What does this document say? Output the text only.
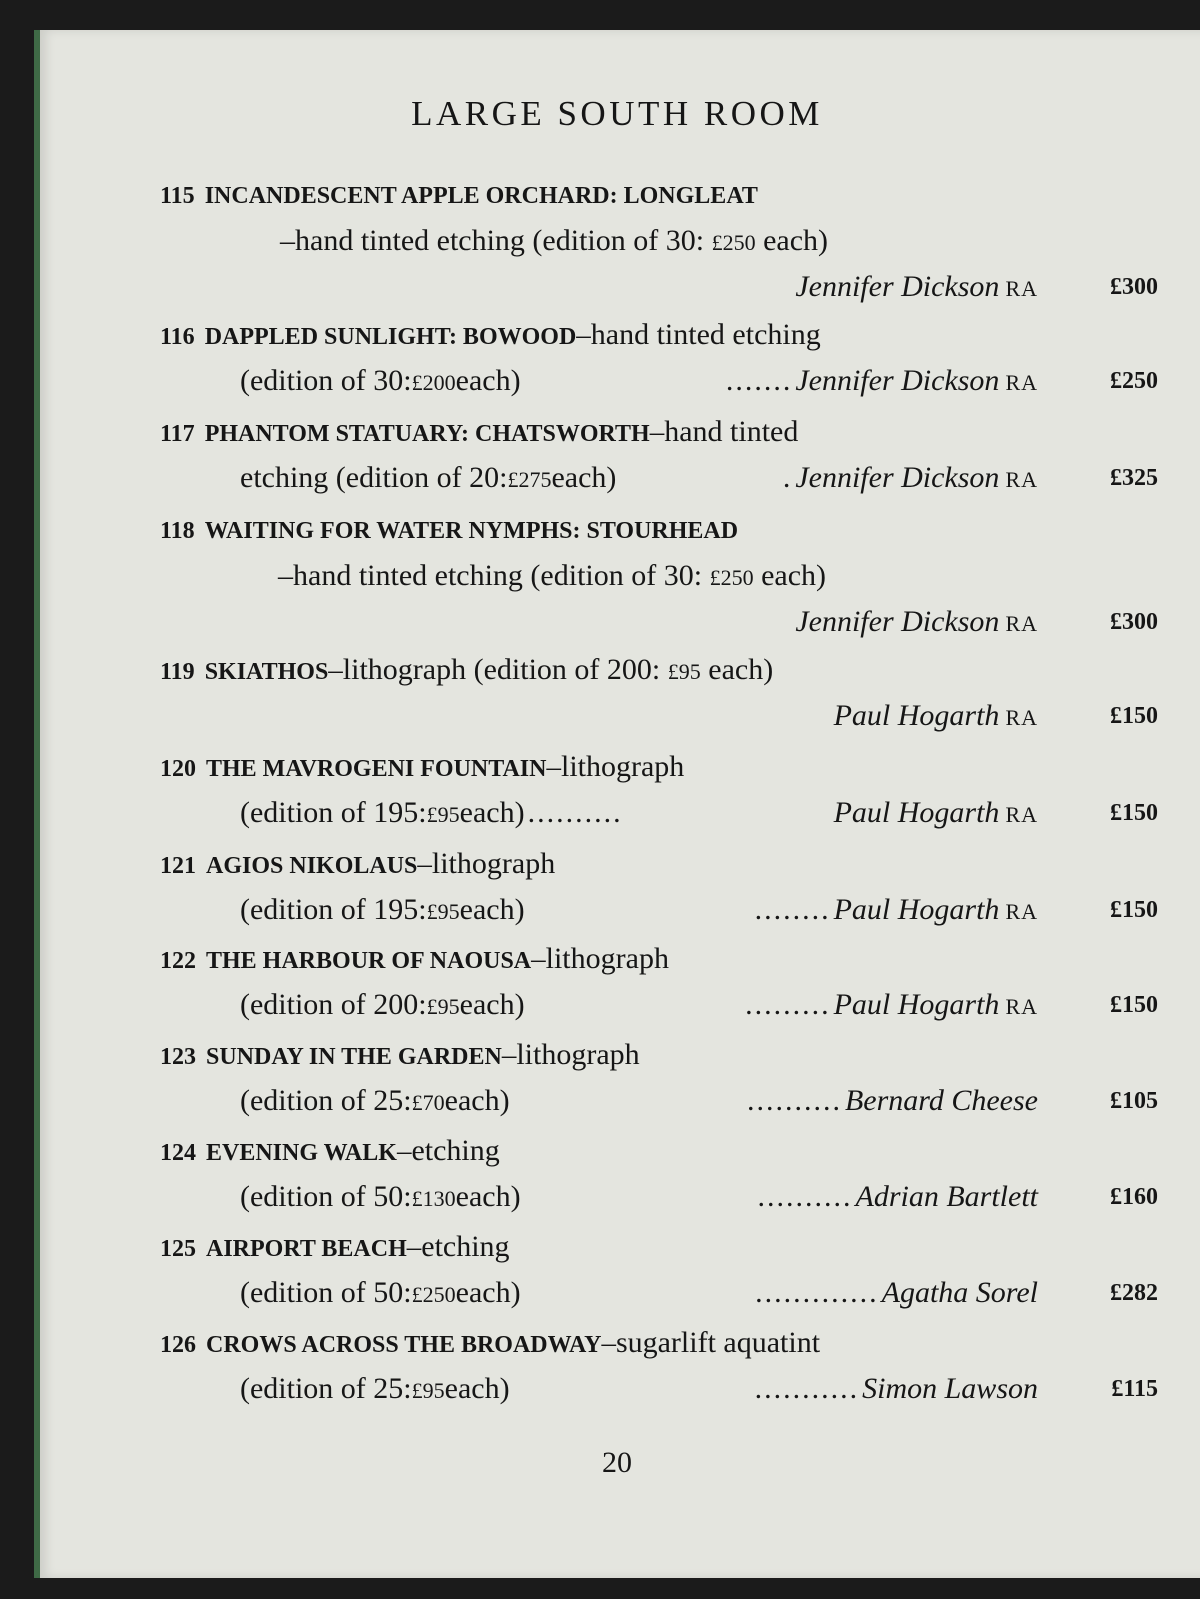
LARGE SOUTH ROOM
115 INCANDESCENT APPLE ORCHARD: LONGLEAT
–hand tinted etching (edition of 30: £250 each)
Jennifer Dickson RA	£300
116 DAPPLED SUNLIGHT: BOWOOD–hand tinted etching
(edition of 30: £200 each)	....... Jennifer Dickson RA	£250
117 PHANTOM STATUARY: CHATSWORTH–hand tinted
etching (edition of 20: £275 each)	. Jennifer Dickson RA	£325
118 WAITING FOR WATER NYMPHS: STOURHEAD
–hand tinted etching (edition of 30: £250 each)
Jennifer Dickson RA	£300
119 SKIATHOS–lithograph (edition of 200: £95 each)
Paul Hogarth RA	£150
120 THE MAVROGENI FOUNTAIN–lithograph
(edition of 195: £95 each) ..........	Paul Hogarth RA	£150
121 AGIOS NIKOLAUS–lithograph
(edition of 195: £95 each)	........ Paul Hogarth RA	£150
122 THE HARBOUR OF NAOUSA–lithograph
(edition of 200: £95 each)	......... Paul Hogarth RA	£150
123 SUNDAY IN THE GARDEN–lithograph
(edition of 25: £70 each)	.......... Bernard Cheese	£105
124 EVENING WALK–etching
(edition of 50: £130 each)	.......... Adrian Bartlett	£160
125 AIRPORT BEACH–etching
(edition of 50: £250 each)	............. Agatha Sorel	£282
126 CROWS ACROSS THE BROADWAY–sugarlift aquatint
(edition of 25: £95 each)	........... Simon Lawson	£115
20
